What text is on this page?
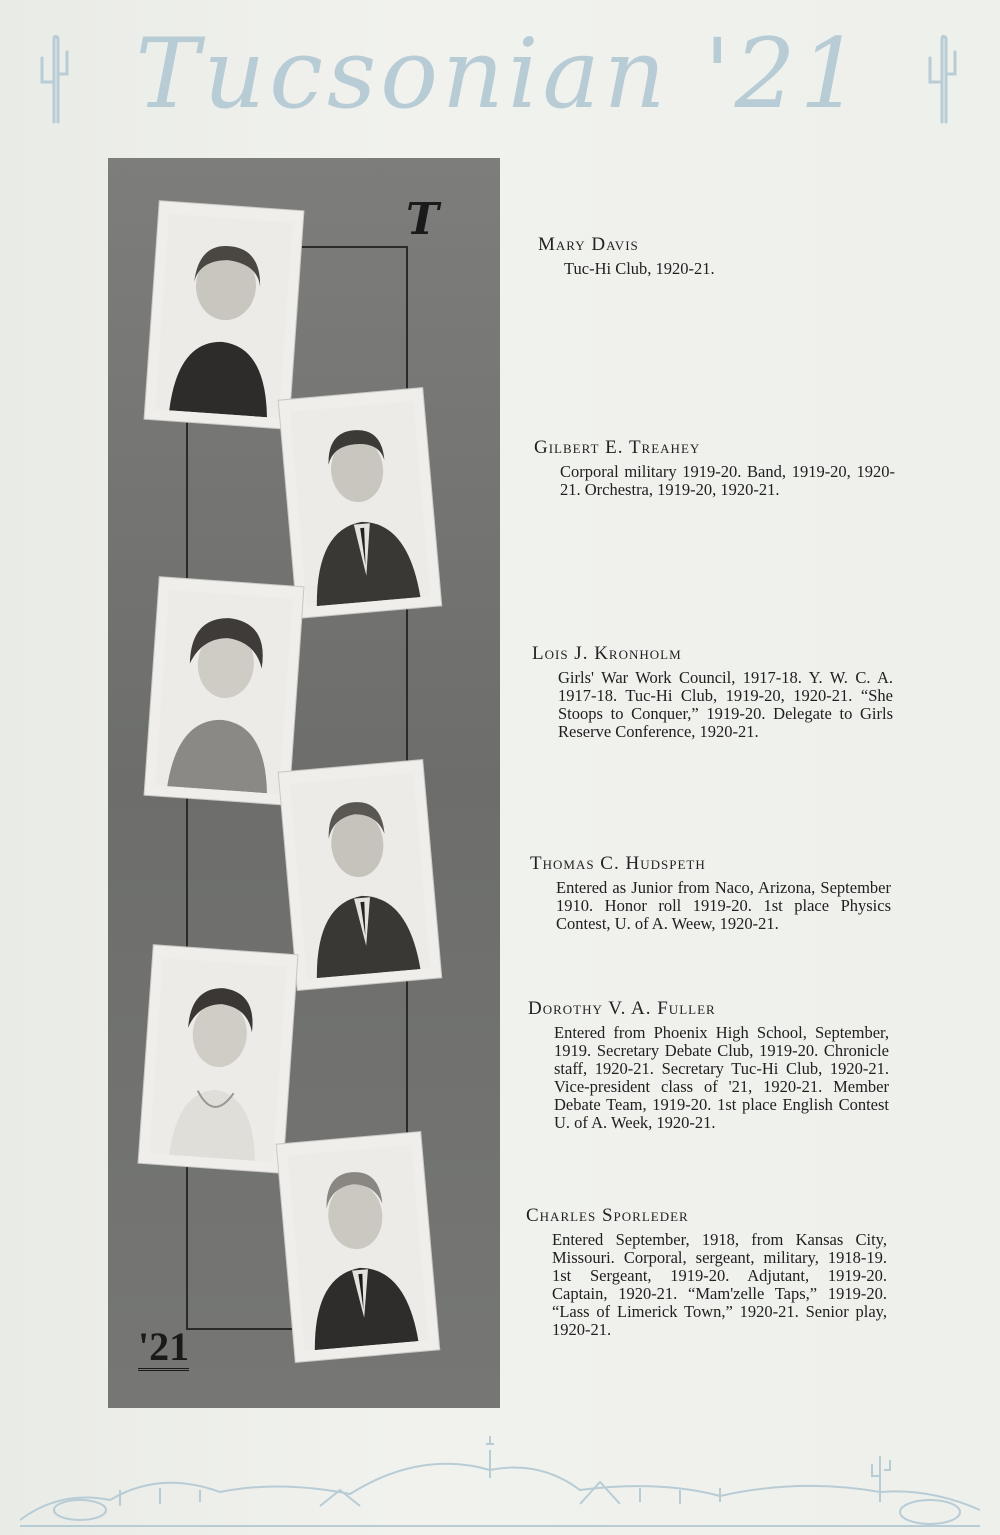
Tucsonian '21
T
'21
Mary Davis
Tuc-Hi Club, 1920-21.
Gilbert E. Treahey
Corporal military 1919-20. Band, 1919-20, 1920-21. Orchestra, 1919-20, 1920-21.
Lois J. Kronholm
Girls' War Work Council, 1917-18. Y. W. C. A. 1917-18. Tuc-Hi Club, 1919-20, 1920-21. “She Stoops to Conquer,” 1919-20. Delegate to Girls Reserve Conference, 1920-21.
Thomas C. Hudspeth
Entered as Junior from Naco, Arizona, September 1910. Honor roll 1919-20. 1st place Physics Contest, U. of A. Weew, 1920-21.
Dorothy V. A. Fuller
Entered from Phoenix High School, September, 1919. Secretary Debate Club, 1919-20. Chronicle staff, 1920-21. Secretary Tuc-Hi Club, 1920-21. Vice-president class of '21, 1920-21. Member Debate Team, 1919-20. 1st place English Contest U. of A. Week, 1920-21.
Charles Sporleder
Entered September, 1918, from Kansas City, Missouri. Corporal, sergeant, military, 1918-19. 1st Sergeant, 1919-20. Adjutant, 1919-20. Captain, 1920-21. “Mam'zelle Taps,” 1919-20. “Lass of Limerick Town,” 1920-21. Senior play, 1920-21.
